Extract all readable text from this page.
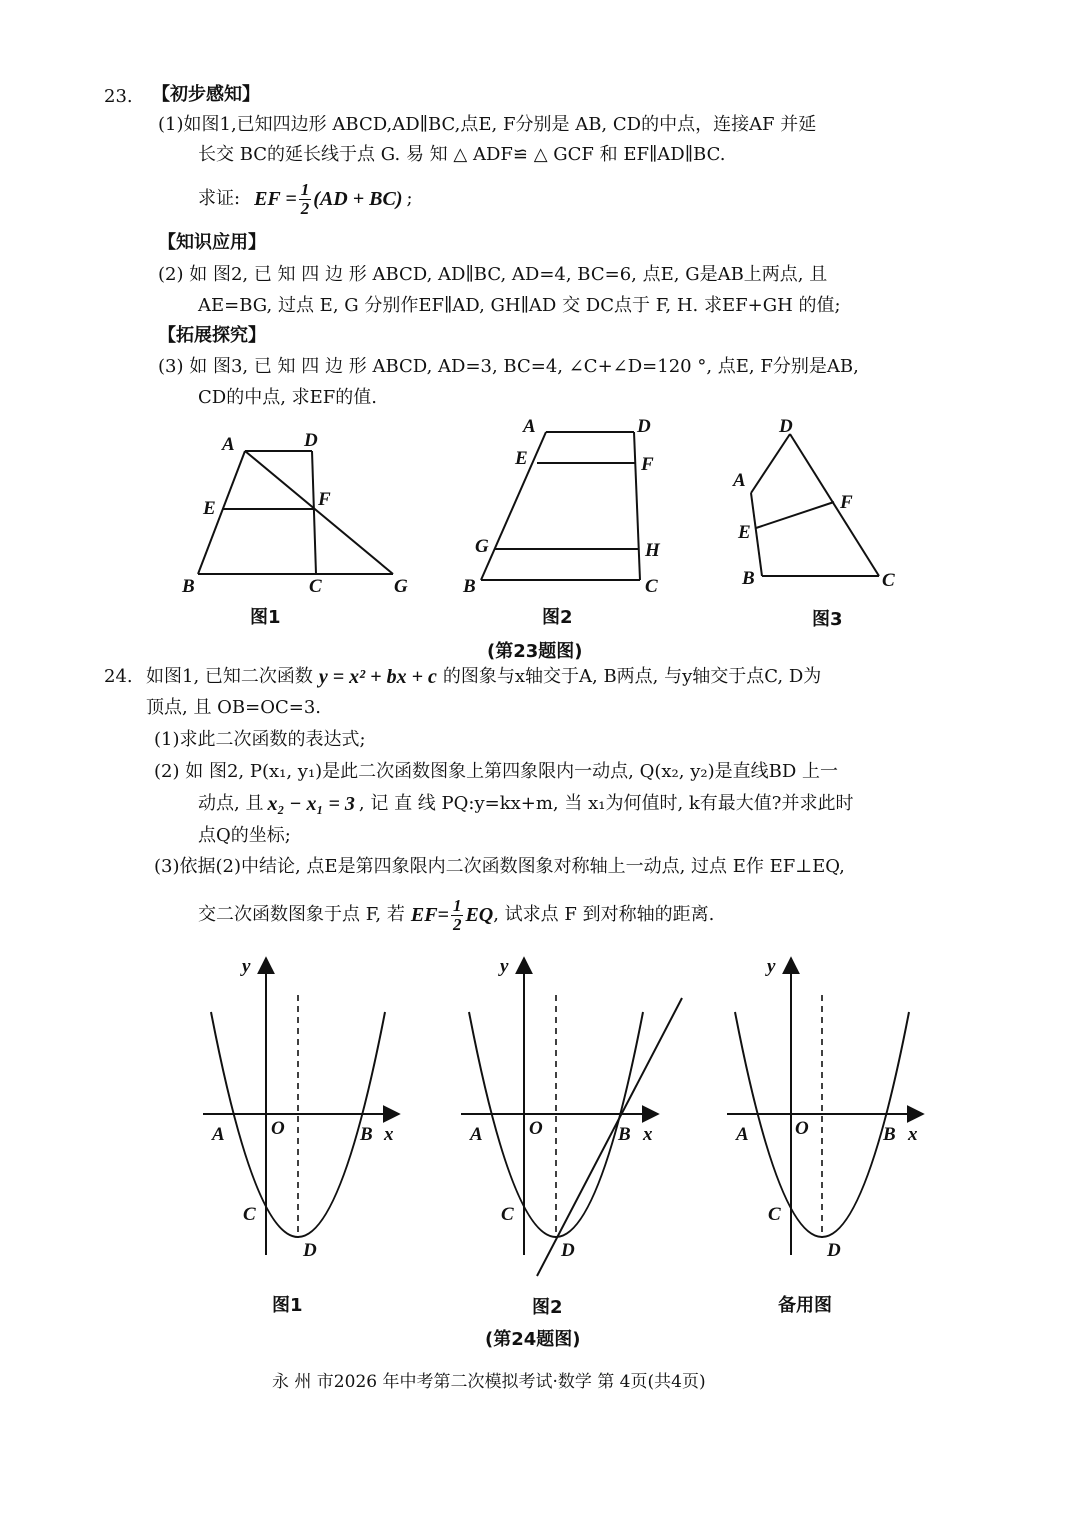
23. 【初步感知】
(1)如图1,已知四边形 ABCD,AD∥BC,点E, F分别是 AB, CD的中点，连接AF 并延
长交 BC的延长线于点 G. 易 知 △ ADF≌ △ GCF 和 EF∥AD∥BC.
求证: EF = $\frac{1}{2} (AD + BC)$ ;
【知识应用】
(2) 如 图2, 已 知 四 边 形 ABCD, AD∥BC, AD=4, BC=6, 点E, G是AB上两点, 且
AE=BG, 过点 E, G 分别作EF∥AD, GH∥AD 交 DC点于 F, H. 求EF+GH 的值;
【拓展探究】
(3) 如 图3, 已 知 四 边 形 ABCD, AD=3, BC=4, ∠C+∠D=120 °, 点E, F分别是AB,
CD的中点, 求EF的值.
A	D
E	F
B	C	G
A	D
E	F
G	H
B	C
D
A
F
E
B	C
图1	图2	图3
(第23题图)
24. 如图1, 已知二次函数 y = x² + bx + c 的图象与x轴交于A, B两点, 与y轴交于点C, D为
顶点, 且 OB=OC=3.
(1)求此二次函数的表达式;
(2) 如 图2, P(x₁, y₁)是此二次函数图象上第四象限内一动点, Q(x₂, y₂)是直线BD 上一
动点, 且 x₂ − x₁ = 3 , 记 直 线 PQ:y=kx+m, 当 x₁为何值时, k有最大值?并求此时
点Q的坐标;
(3)依据(2)中结论, 点E是第四象限内二次函数图象对称轴上一动点, 过点 E作 EF⊥EQ,
交二次函数图象于点 F, 若 $EF= \frac{1}{2}$ EQ , 试求点 F 到对称轴的距离.
y
x
O
A	B
C
D
y
x
O
A	B
C
D
y
x
O
A	B
C
D
图1	图2	备用图
(第24题图)
永 州 市2026 年中考第二次模拟考试·数学 第 4页(共4页)
